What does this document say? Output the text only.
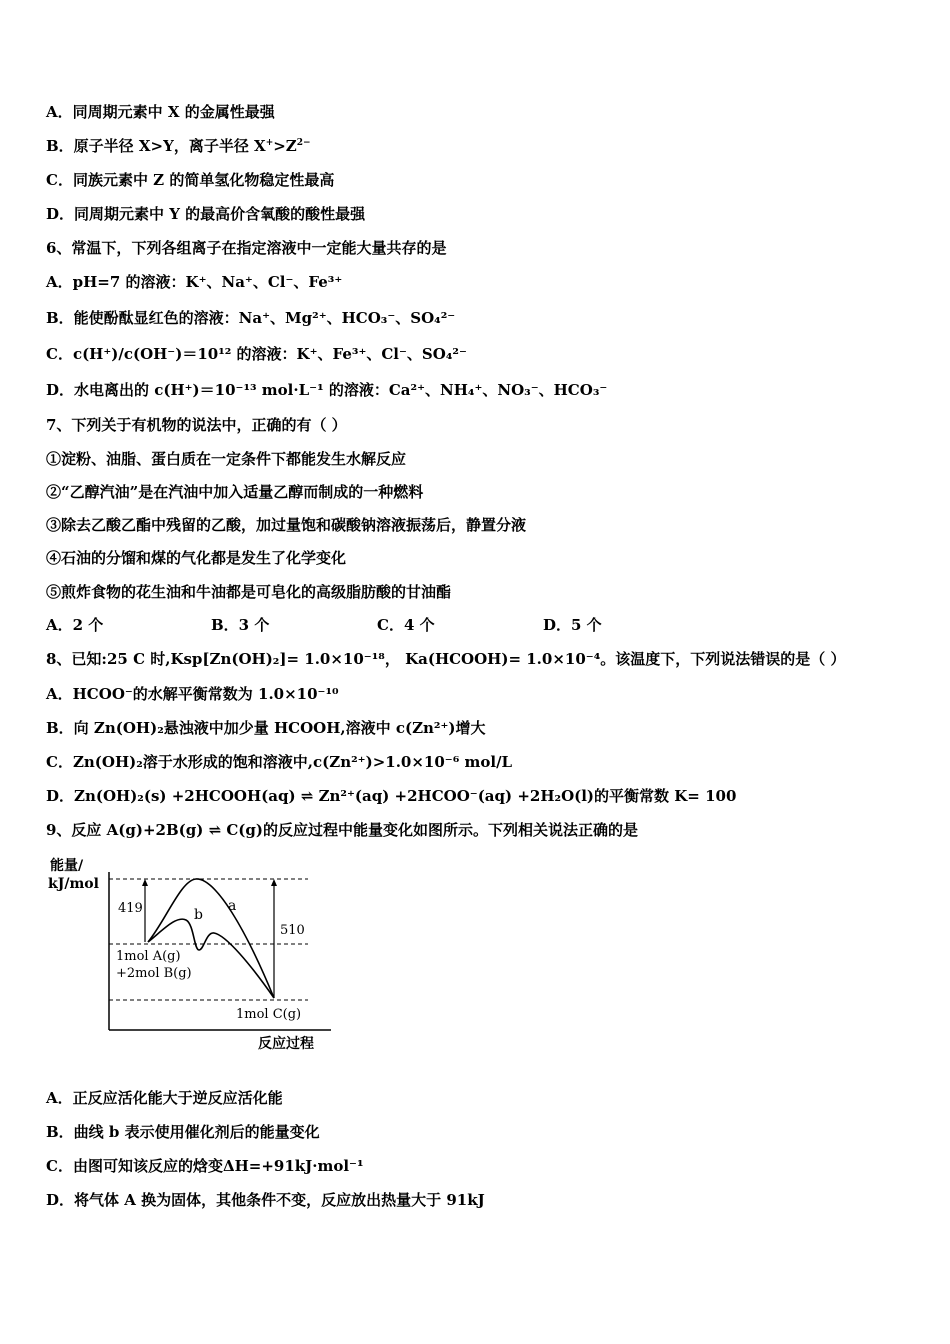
A．同周期元素中 X 的金属性最强
B．原子半径 X>Y，离子半径 $X^+>Z^{2-}$
C．同族元素中 Z 的简单氢化物稳定性最高
D．同周期元素中 Y 的最高价含氧酸的酸性最强
6、常温下，下列各组离子在指定溶液中一定能大量共存的是
A．pH=7 的溶液：K⁺、Na⁺、Cl⁻、Fe³⁺
B．能使酚酞显红色的溶液：Na⁺、Mg²⁺、HCO₃⁻、SO₄²⁻
C．c(H⁺)/c(OH⁻)＝10¹² 的溶液：K⁺、Fe³⁺、Cl⁻、SO₄²⁻
D．水电离出的 c(H⁺)＝10⁻¹³ mol·L⁻¹ 的溶液：Ca²⁺、NH₄⁺、NO₃⁻、HCO₃⁻
7、下列关于有机物的说法中，正确的有（ ）
①淀粉、油脂、蛋白质在一定条件下都能发生水解反应
②“乙醇汽油”是在汽油中加入适量乙醇而制成的一种燃料
③除去乙酸乙酯中残留的乙酸，加过量饱和碳酸钠溶液振荡后，静置分液
④石油的分馏和煤的气化都是发生了化学变化
⑤煎炸食物的花生油和牛油都是可皂化的高级脂肪酸的甘油酯
A．2 个	B．3 个	C．4 个	D．5 个
8、已知:25 C 时,Ksp[Zn(OH)₂]= 1.0×10⁻¹⁸， Ka(HCOOH)= 1.0×10⁻⁴。该温度下，下列说法错误的是（ ）
A．HCOO⁻的水解平衡常数为 1.0×10⁻¹⁰
B．向 Zn(OH)₂悬浊液中加少量 HCOOH,溶液中 c(Zn²⁺)增大
C．Zn(OH)₂溶于水形成的饱和溶液中,c(Zn²⁺)>1.0×10⁻⁶ mol/L
D．Zn(OH)₂(s) +2HCOOH(aq) ⇌ Zn²⁺(aq) +2HCOO⁻(aq) +2H₂O(l)的平衡常数 K= 100
9、反应 A(g)+2B(g) ⇌ C(g)的反应过程中能量变化如图所示。下列相关说法正确的是
能量/
kJ/mol
419
510
a
b
1mol A(g)
+2mol B(g)
1mol C(g)
反应过程
A．正反应活化能大于逆反应活化能
B．曲线 b 表示使用催化剂后的能量变化
C．由图可知该反应的焓变ΔH=+91kJ·mol⁻¹
D．将气体 A 换为固体，其他条件不变，反应放出热量大于 91kJ
